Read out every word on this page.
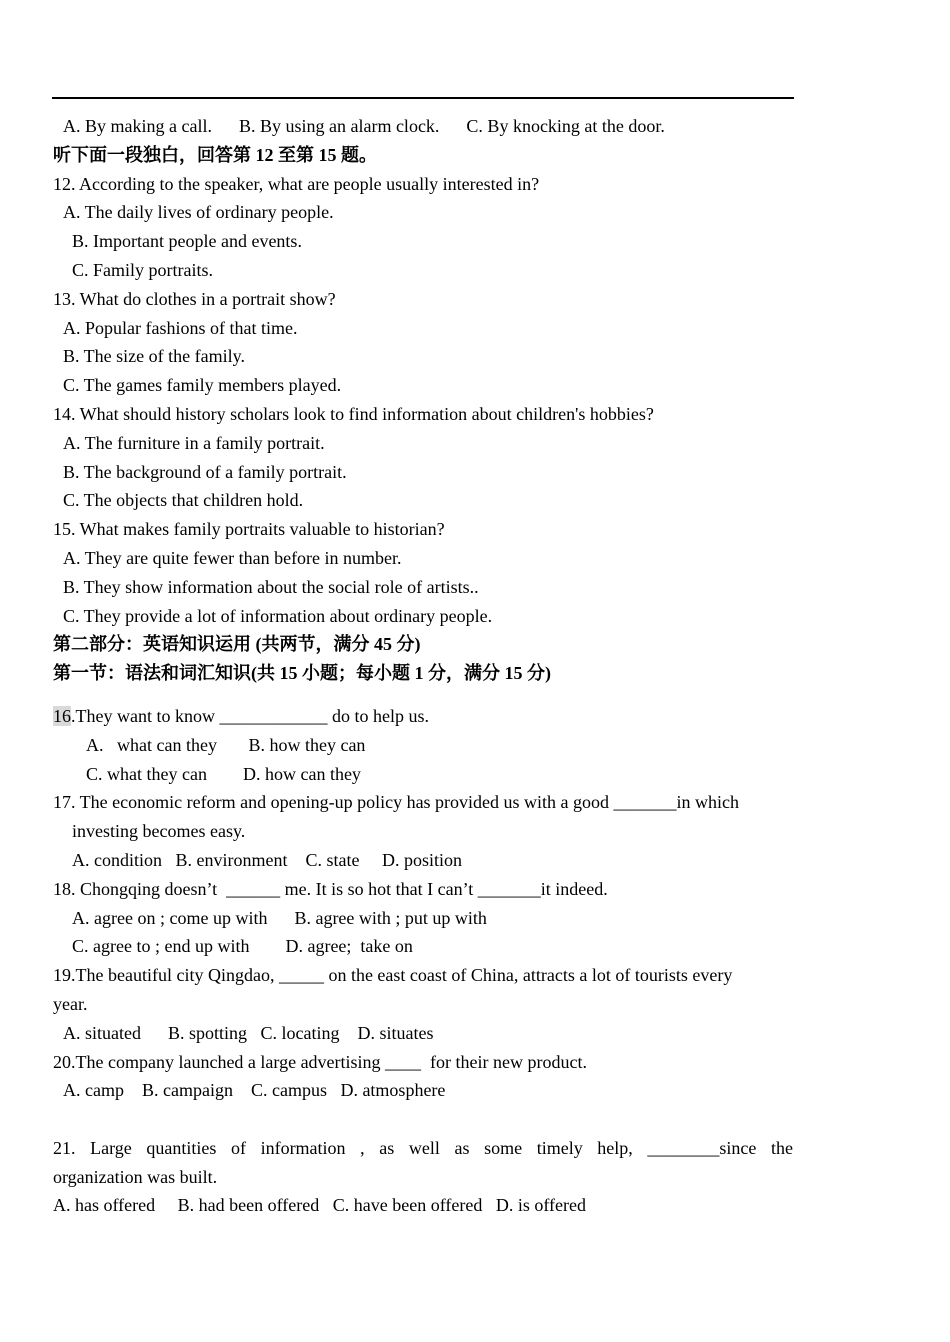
A. By making a call.      B. By using an alarm clock.      C. By knocking at the door.
听下面一段独白，回答第 12 至第 15 题。
12. According to the speaker, what are people usually interested in?
A. The daily lives of ordinary people.
B. Important people and events.
C. Family portraits.
13. What do clothes in a portrait show?
A. Popular fashions of that time.
B. The size of the family.
C. The games family members played.
14. What should history scholars look to find information about children's hobbies?
A. The furniture in a family portrait.
B. The background of a family portrait.
C. The objects that children hold.
15. What makes family portraits valuable to historian?
A. They are quite fewer than before in number.
B. They show information about the social role of artists..
C. They provide a lot of information about ordinary people.
第二部分：英语知识运用 (共两节，满分 45 分)
第一节：语法和词汇知识(共 15 小题；每小题 1 分，满分 15 分)
16.They want to know ____________ do to help us.
A.   what can they       B. how they can
C. what they can        D. how can they
17. The economic reform and opening-up policy has provided us with a good _______in which
investing becomes easy.
A. condition   B. environment    C. state     D. position
18. Chongqing doesn’t  ______ me. It is so hot that I can’t _______it indeed.
A. agree on ; come up with      B. agree with ; put up with
C. agree to ; end up with        D. agree;  take on
19.The beautiful city Qingdao, _____ on the east coast of China, attracts a lot of tourists every
year.
A. situated      B. spotting   C. locating    D. situates
20.The company launched a large advertising ____  for their new product.
A. camp    B. campaign    C. campus   D. atmosphere
21. Large quantities of information , as well as some timely help, ________since the
organization was built.
A. has offered     B. had been offered   C. have been offered   D. is offered
